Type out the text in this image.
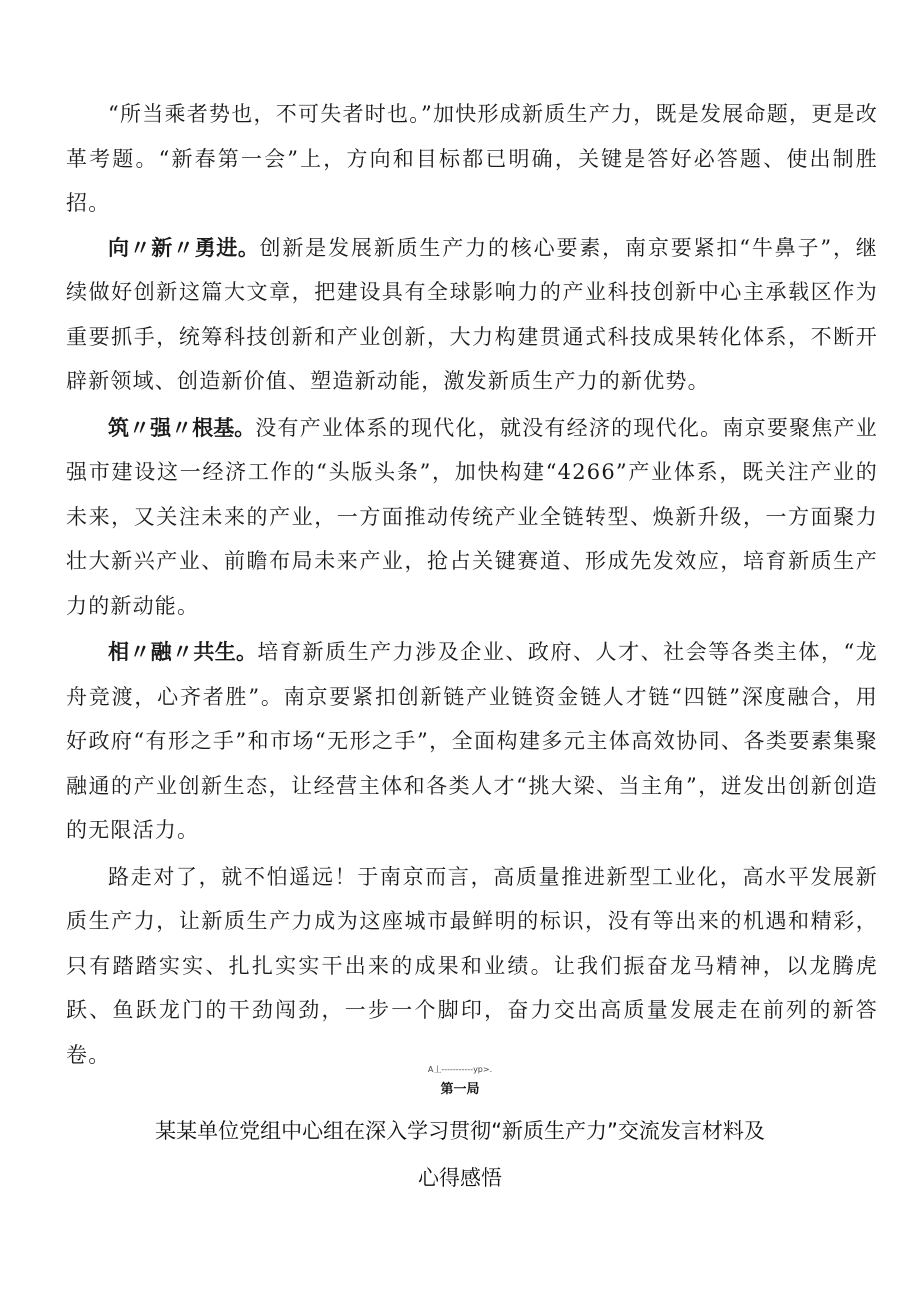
“所当乘者势也，不可失者时也。”加快形成新质生产力，既是发展命题，更是改革考题。“新春第一会”上，方向和目标都已明确，关键是答好必答题、使出制胜招。

向〃新〃勇进。创新是发展新质生产力的核心要素，南京要紧扣“牛鼻子”，继续做好创新这篇大文章，把建设具有全球影响力的产业科技创新中心主承载区作为重要抓手，统筹科技创新和产业创新，大力构建贯通式科技成果转化体系，不断开辟新领域、创造新价值、塑造新动能，激发新质生产力的新优势。

筑〃强〃根基。没有产业体系的现代化，就没有经济的现代化。南京要聚焦产业强市建设这一经济工作的“头版头条”，加快构建“4266”产业体系，既关注产业的未来，又关注未来的产业，一方面推动传统产业全链转型、焕新升级，一方面聚力壮大新兴产业、前瞻布局未来产业，抢占关键赛道、形成先发效应，培育新质生产力的新动能。

相〃融〃共生。培育新质生产力涉及企业、政府、人才、社会等各类主体，“龙舟竞渡，心齐者胜”。南京要紧扣创新链产业链资金链人才链“四链”深度融合，用好政府“有形之手”和市场“无形之手”，全面构建多元主体高效协同、各类要素集聚融通的产业创新生态，让经营主体和各类人才“挑大梁、当主角”，迸发出创新创造的无限活力。

路走对了，就不怕遥远！于南京而言，高质量推进新型工业化，高水平发展新质生产力，让新质生产力成为这座城市最鲜明的标识，没有等出来的机遇和精彩，只有踏踏实实、扎扎实实干出来的成果和业绩。让我们振奋龙马精神，以龙腾虎跃、鱼跃龙门的干劲闯劲，一步一个脚印，奋力交出高质量发展走在前列的新答卷。

A丄-----------yp>.
第一局
某某单位党组中心组在深入学习贯彻“新质生产力”交流发言材料及心得感悟
